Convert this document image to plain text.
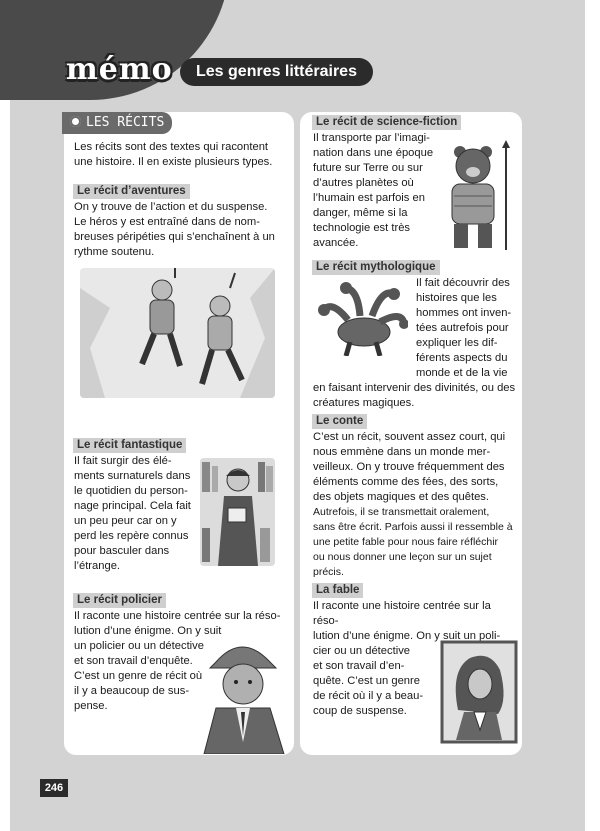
mémo	Les genres littéraires
LES RÉCITS
Les récits sont des textes qui racontent une histoire. Il en existe plusieurs types.
Le récit d’aventures
On y trouve de l’action et du suspense.
Le héros y est entraîné dans de nom-
breuses péripéties qui s’enchaînent à un
rythme soutenu.
Le récit fantastique
Il fait surgir des élé-
ments surnaturels dans
le quotidien du person-
nage principal. Cela fait
un peu peur car on y
perd les repère connus
pour basculer dans
l’étrange.
Le récit policier
Il raconte une histoire centrée sur la réso-
lution d’une énigme. On y suit
un policier ou un détective
et son travail d’enquête.
C’est un genre de récit où
il y a beaucoup de sus-
pense.
Le récit de science-fiction
Il transporte par l’imagi-
nation dans une époque
future sur Terre ou sur
d’autres planètes où
l’humain est parfois en
danger, même si la
technologie est très
avancée.
Le récit mythologique
Il fait découvrir des
histoires que les
hommes ont inven-
tées autrefois pour
expliquer les dif-
férents aspects du
monde et de la vie
en faisant intervenir des divinités, ou des
créatures magiques.
Le conte
C’est un récit, souvent assez court, qui
nous emmène dans un monde mer-
veilleux. On y trouve fréquemment des
éléments comme des fées, des sorts,
des objets magiques et des quêtes.
Autrefois, il se transmettait oralement,
sans être écrit. Parfois aussi il ressemble à
une petite fable pour nous faire réfléchir
ou nous donner une leçon sur un sujet
précis.
La fable
Il raconte une histoire centrée sur la réso-
lution d’une énigme. On y suit un poli-
cier ou un détective
et son travail d’en-
quête. C’est un genre
de récit où il y a beau-
coup de suspense.
246
